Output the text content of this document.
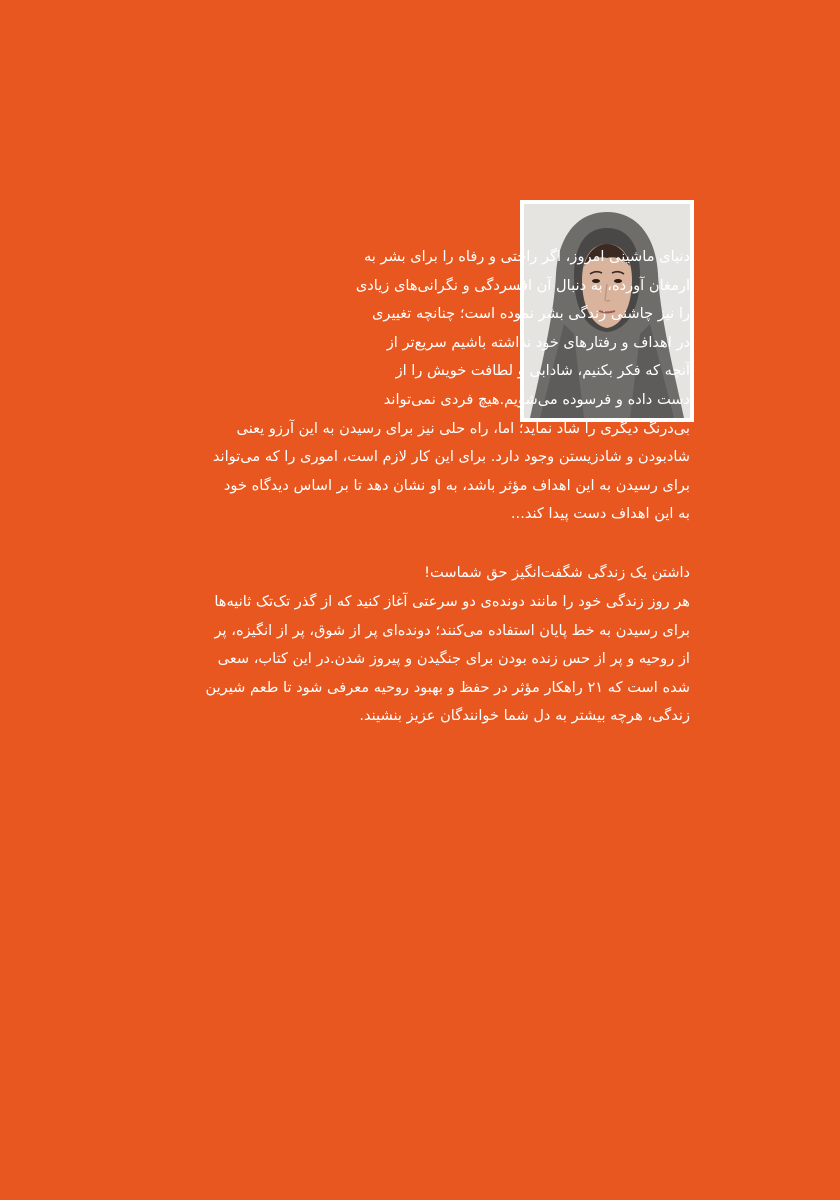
دنیای ماشینی امروز، اگر راحتی و رفاه را برای بشر به
ارمغان آورده، به دنبال آن افسردگی و نگرانی‌های زیادی
را نیز چاشنی زندگی بشر نموده است؛ چنانچه تغییری
در اهداف و رفتارهای خود نداشته باشیم سریع‌تر از
آنچه که فکر بکنیم، شادابی و لطافت خویش را از
دست داده و فرسوده می‌شویم.هیچ فردی نمی‌تواند
بی‌درنگ دیگری را شاد نماید؛ اما، راه حلی نیز برای رسیدن به این آرزو یعنی
شادبودن و شادزیستن وجود دارد. برای این کار لازم است، اموری را که می‌تواند
برای رسیدن به این اهداف مؤثر باشد، به او نشان دهد تا بر اساس دیدگاه خود
به این اهداف دست پیدا کند...
داشتن یک زندگی شگفت‌انگیز حق شماست!
هر روز زندگی خود را مانند دونده‌ی دو سرعتی آغاز کنید که از گذر تک‌تک ثانیه‌ها
برای رسیدن به خط پایان استفاده می‌کنند؛ دونده‌ای پر از شوق، پر از انگیزه، پر
از روحیه و پر از حس زنده بودن برای جنگیدن و پیروز شدن.در این کتاب، سعی
شده است که ۲۱ راهکار مؤثر در حفظ و بهبود روحیه معرفی شود تا طعم شیرین
زندگی، هرچه بیشتر به دل شما خوانندگان عزیز بنشیند.
